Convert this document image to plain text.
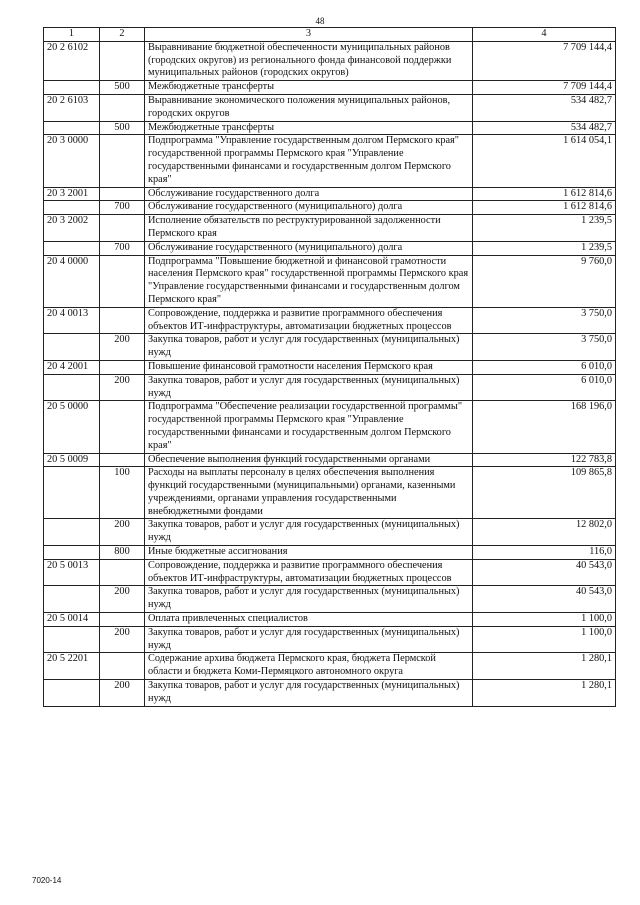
48
1	2	3	4
20 2 6102		Выравнивание бюджетной обеспеченности муниципальных районов (городских округов) из регионального фонда финансовой поддержки муниципальных районов (городских округов)	7 709 144,4
	500	Межбюджетные трансферты	7 709 144,4
20 2 6103		Выравнивание экономического положения муниципальных районов, городских округов	534 482,7
	500	Межбюджетные трансферты	534 482,7
20 3 0000		Подпрограмма "Управление государственным долгом Пермского края" государственной программы Пермского края "Управление государственными финансами и государственным долгом Пермского края"	1 614 054,1
20 3 2001		Обслуживание государственного долга	1 612 814,6
	700	Обслуживание государственного (муниципального) долга	1 612 814,6
20 3 2002		Исполнение обязательств по реструктурированной задолженности Пермского края	1 239,5
	700	Обслуживание государственного (муниципального) долга	1 239,5
20 4 0000		Подпрограмма "Повышение бюджетной и финансовой грамотности населения Пермского края" государственной программы Пермского края "Управление государственными финансами и государственным долгом Пермского края"	9 760,0
20 4 0013		Сопровождение, поддержка и развитие программного обеспечения объектов ИТ-инфраструктуры, автоматизации бюджетных процессов	3 750,0
	200	Закупка товаров, работ и услуг для государственных (муниципальных) нужд	3 750,0
20 4 2001		Повышение финансовой грамотности населения Пермского края	6 010,0
	200	Закупка товаров, работ и услуг для государственных (муниципальных) нужд	6 010,0
20 5 0000		Подпрограмма "Обеспечение реализации государственной программы" государственной программы Пермского края "Управление государственными финансами и государственным долгом Пермского края"	168 196,0
20 5 0009		Обеспечение выполнения функций государственными органами	122 783,8
	100	Расходы на выплаты персоналу в целях обеспечения выполнения функций государственными (муниципальными) органами, казенными учреждениями, органами управления государственными внебюджетными фондами	109 865,8
	200	Закупка товаров, работ и услуг для государственных (муниципальных) нужд	12 802,0
	800	Иные бюджетные ассигнования	116,0
20 5 0013		Сопровождение, поддержка и развитие программного обеспечения объектов ИТ-инфраструктуры, автоматизации бюджетных процессов	40 543,0
	200	Закупка товаров, работ и услуг для государственных (муниципальных) нужд	40 543,0
20 5 0014		Оплата привлеченных специалистов	1 100,0
	200	Закупка товаров, работ и услуг для государственных (муниципальных) нужд	1 100,0
20 5 2201		Содержание архива бюджета Пермского края, бюджета Пермской области и бюджета Коми-Пермяцкого автономного округа	1 280,1
	200	Закупка товаров, работ и услуг для государственных (муниципальных) нужд	1 280,1
7020-14
